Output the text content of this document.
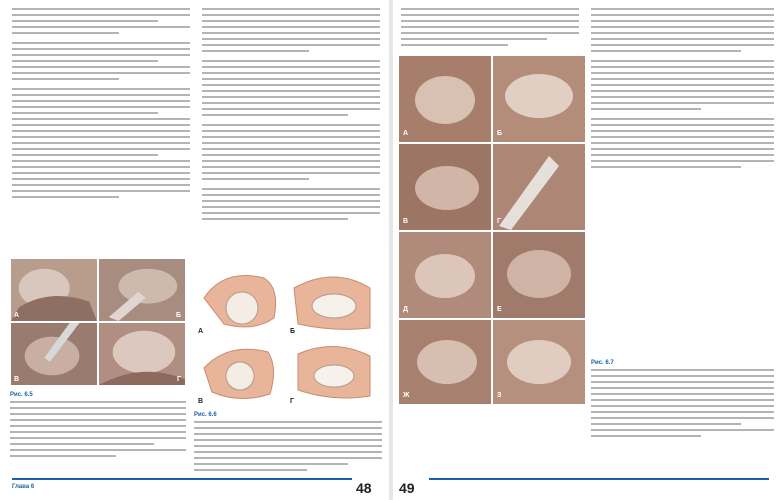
А	Б
В	Г
Рис. 6.5
А	Б
В	Г
Рис. 6.6
Глава 6	48
А	Б
В	Г
Д	Е
Ж	З
Рис. 6.7
49
